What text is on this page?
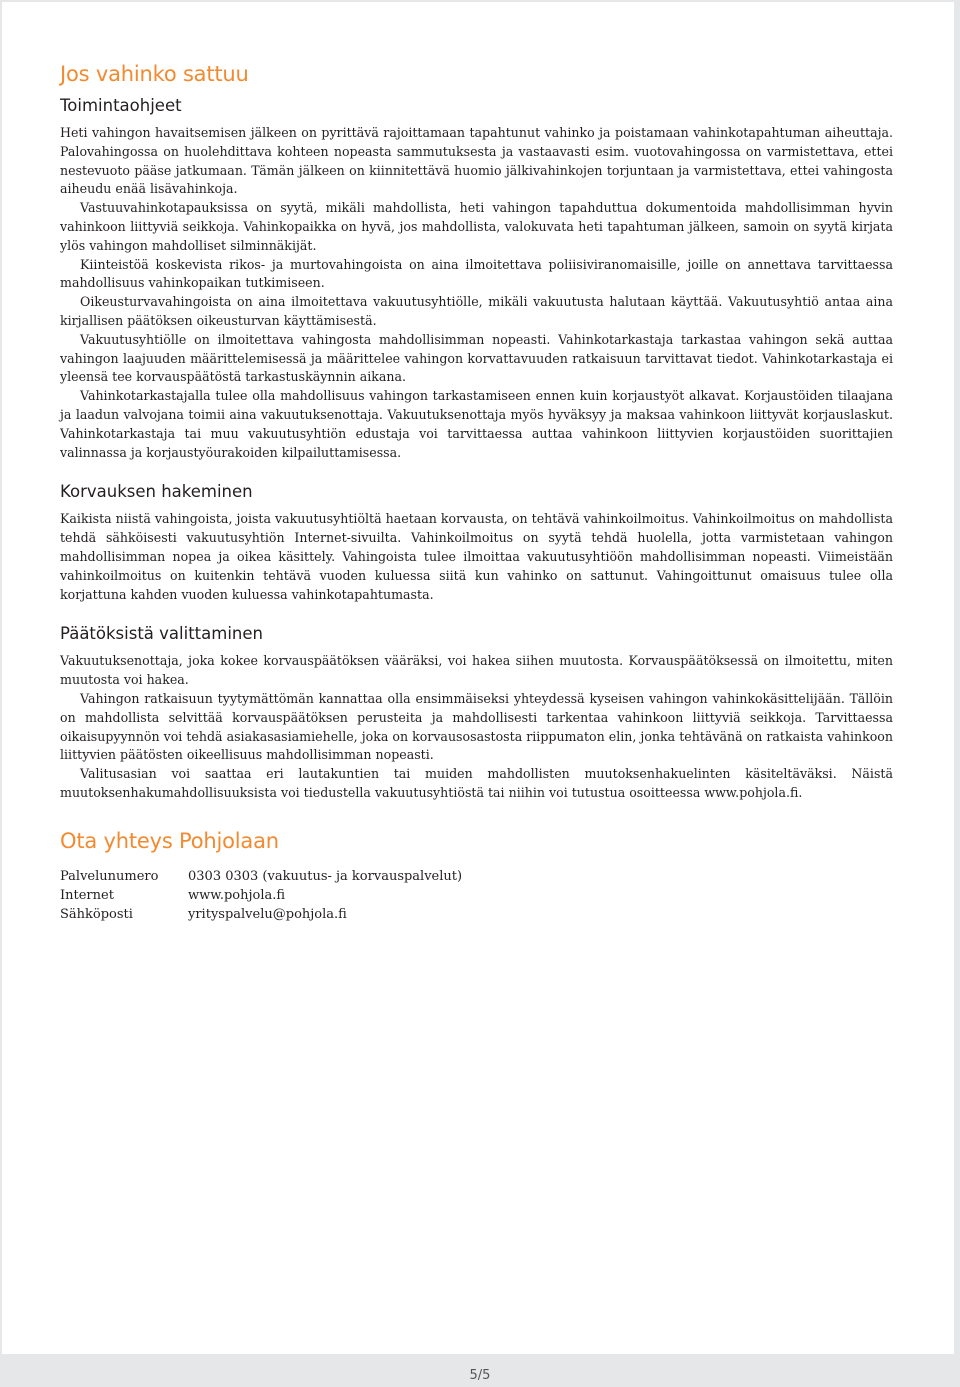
Jos vahinko sattuu
Toimintaohjeet

Heti vahingon havaitsemisen jälkeen on pyrittävä rajoittamaan tapahtunut vahinko ja poistamaan vahinkotapahtuman aiheuttaja. Palovahingossa on huolehdittava kohteen nopeasta sammutuksesta ja vastaavasti esim. vuotovahingossa on varmistettava, ettei nestevuoto pääse jatkumaan. Tämän jälkeen on kiinnitettävä huomio jälkivahinkojen torjuntaan ja varmistettava, ettei vahingosta aiheudu enää lisävahinkoja.

Vastuuvahinkotapauksissa on syytä, mikäli mahdollista, heti vahingon tapahduttua dokumentoida mahdollisimman hyvin vahinkoon liittyviä seikkoja. Vahinkopaikka on hyvä, jos mahdollista, valokuvata heti tapahtuman jälkeen, samoin on syytä kirjata ylös vahingon mahdolliset silminnäkijät.

Kiinteistöä koskevista rikos- ja murtovahingoista on aina ilmoitettava poliisiviranomaisille, joille on annettava tarvittaessa mahdollisuus vahinkopaikan tutkimiseen.

Oikeusturvavahingoista on aina ilmoitettava vakuutusyhtiölle, mikäli vakuutusta halutaan käyttää. Vakuutusyhtiö antaa aina kirjallisen päätöksen oikeusturvan käyttämisestä.

Vakuutusyhtiölle on ilmoitettava vahingosta mahdollisimman nopeasti. Vahinkotarkastaja tarkastaa vahingon sekä auttaa vahingon laajuuden määrittelemisessä ja määrittelee vahingon korvattavuuden ratkaisuun tarvittavat tiedot. Vahinkotarkastaja ei yleensä tee korvauspäätöstä tarkastuskäynnin aikana.

Vahinkotarkastajalla tulee olla mahdollisuus vahingon tarkastamiseen ennen kuin korjaustyöt alkavat. Korjaustöiden tilaajana ja laadun valvojana toimii aina vakuutuksenottaja. Vakuutuksenottaja myös hyväksyy ja maksaa vahinkoon liittyvät korjauslaskut. Vahinkotarkastaja tai muu vakuutusyhtiön edustaja voi tarvittaessa auttaa vahinkoon liittyvien korjaustöiden suorittajien valinnassa ja korjaustyöurakoiden kilpailuttamisessa.

Korvauksen hakeminen

Kaikista niistä vahingoista, joista vakuutusyhtiöltä haetaan korvausta, on tehtävä vahinkoilmoitus. Vahinkoilmoitus on mahdollista tehdä sähköisesti vakuutusyhtiön Internet-sivuilta. Vahinkoilmoitus on syytä tehdä huolella, jotta varmistetaan vahingon mahdollisimman nopea ja oikea käsittely. Vahingoista tulee ilmoittaa vakuutusyhtiöön mahdollisimman nopeasti. Viimeistään vahinkoilmoitus on kuitenkin tehtävä vuoden kuluessa siitä kun vahinko on sattunut. Vahingoittunut omaisuus tulee olla korjattuna kahden vuoden kuluessa vahinkotapahtumasta.

Päätöksistä valittaminen

Vakuutuksenottaja, joka kokee korvauspäätöksen vääräksi, voi hakea siihen muutosta. Korvauspäätöksessä on ilmoitettu, miten muutosta voi hakea.

Vahingon ratkaisuun tyytymättömän kannattaa olla ensimmäiseksi yhteydessä kyseisen vahingon vahinkokäsittelijään. Tällöin on mahdollista selvittää korvauspäätöksen perusteita ja mahdollisesti tarkentaa vahinkoon liittyviä seikkoja. Tarvittaessa oikaisupyynnön voi tehdä asiakasasiamiehelle, joka on korvausosastosta riippumaton elin, jonka tehtävänä on ratkaista vahinkoon liittyvien päätösten oikeellisuus mahdollisimman nopeasti.

Valitusasian voi saattaa eri lautakuntien tai muiden mahdollisten muutoksenhakuelinten käsiteltäväksi. Näistä muutoksenhakumahdollisuuksista voi tiedustella vakuutusyhtiöstä tai niihin voi tutustua osoitteessa www.pohjola.fi.

Ota yhteys Pohjolaan
Palvelunumero	0303 0303 (vakuutus- ja korvauspalvelut)
Internet	www.pohjola.fi
Sähköposti	yrityspalvelu@pohjola.fi
5/5
